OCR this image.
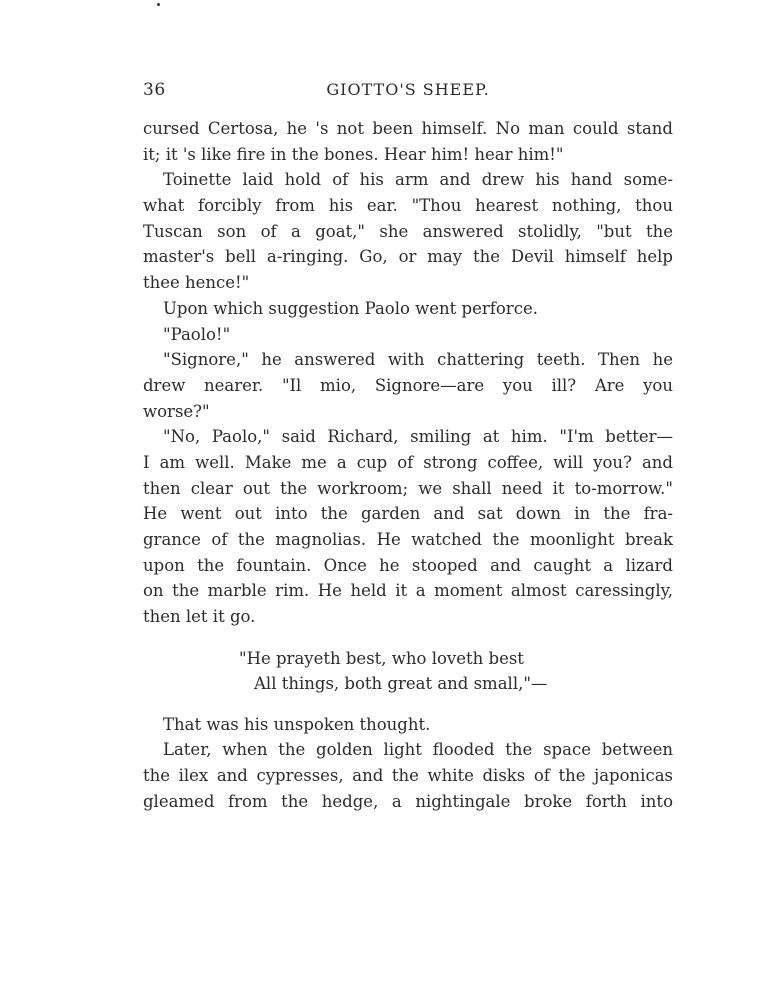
36	GIOTTO'S SHEEP.
cursed Certosa, he 's not been himself. No man could stand
it; it 's like fire in the bones. Hear him! hear him!"
Toinette laid hold of his arm and drew his hand some-
what forcibly from his ear. "Thou hearest nothing, thou
Tuscan son of a goat," she answered stolidly, "but the
master's bell a-ringing. Go, or may the Devil himself help
thee hence!"
Upon which suggestion Paolo went perforce.
"Paolo!"
"Signore," he answered with chattering teeth. Then he
drew nearer. "Il mio, Signore—are you ill? Are you
worse?"
"No, Paolo," said Richard, smiling at him. "I'm better—
I am well. Make me a cup of strong coffee, will you? and
then clear out the workroom; we shall need it to-morrow."
He went out into the garden and sat down in the fra-
grance of the magnolias. He watched the moonlight break
upon the fountain. Once he stooped and caught a lizard
on the marble rim. He held it a moment almost caressingly,
then let it go.
"He prayeth best, who loveth best
All things, both great and small,"—
That was his unspoken thought.
Later, when the golden light flooded the space between
the ilex and cypresses, and the white disks of the japonicas
gleamed from the hedge, a nightingale broke forth into
